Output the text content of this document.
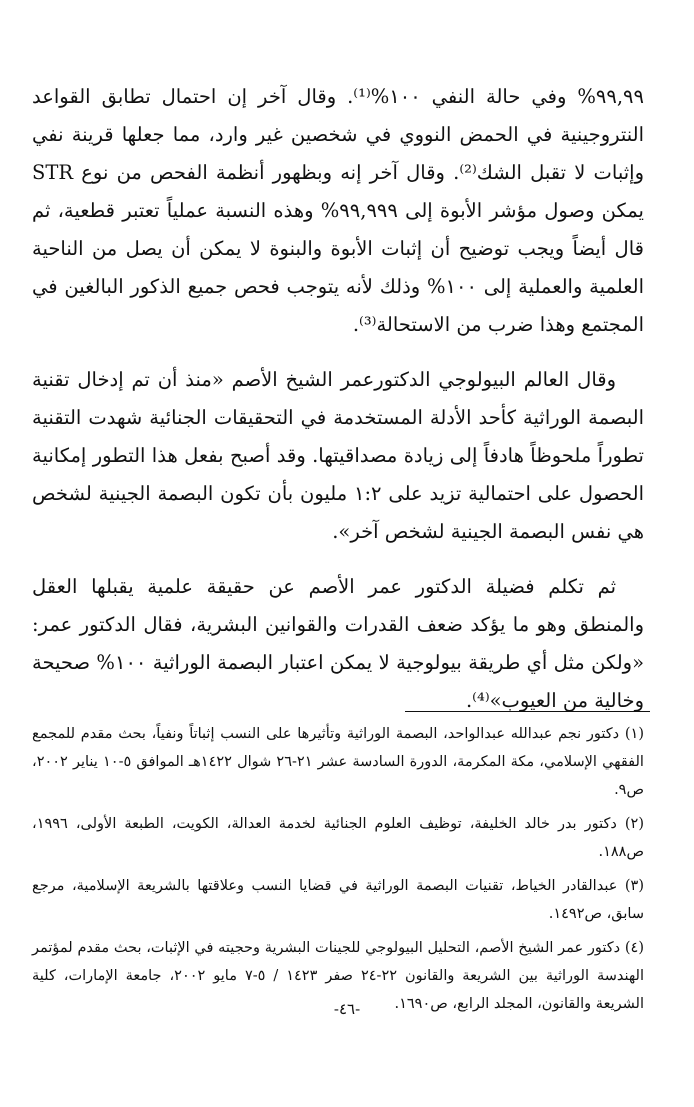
٩٩,٩٩% وفي حالة النفي ١٠٠%⁽¹⁾. وقال آخر إن احتمال تطابق القواعد النتروجينية في الحمض النووي في شخصين غير وارد، مما جعلها قرينة نفي وإثبات لا تقبل الشك⁽²⁾. وقال آخر إنه وبظهور أنظمة الفحص من نوع STR يمكن وصول مؤشر الأبوة إلى ٩٩,٩٩٩% وهذه النسبة عملياً تعتبر قطعية، ثم قال أيضاً ويجب توضيح أن إثبات الأبوة والبنوة لا يمكن أن يصل من الناحية العلمية والعملية إلى ١٠٠% وذلك لأنه يتوجب فحص جميع الذكور البالغين في المجتمع وهذا ضرب من الاستحالة⁽³⁾.

وقال العالم البيولوجي الدكتورعمر الشيخ الأصم «منذ أن تم إدخال تقنية البصمة الوراثية كأحد الأدلة المستخدمة في التحقيقات الجنائية شهدت التقنية تطوراً ملحوظاً هادفاً إلى زيادة مصداقيتها. وقد أصبح بفعل هذا التطور إمكانية الحصول على احتمالية تزيد على ١:٢ مليون بأن تكون البصمة الجينية لشخص هي نفس البصمة الجينية لشخص آخر».

ثم تكلم فضيلة الدكتور عمر الأصم عن حقيقة علمية يقبلها العقل والمنطق وهو ما يؤكد ضعف القدرات والقوانين البشرية، فقال الدكتور عمر: «ولكن مثل أي طريقة بيولوجية لا يمكن اعتبار البصمة الوراثية ١٠٠% صحيحة وخالية من العيوب»⁽⁴⁾.

(١) دكتور نجم عبدالله عبدالواحد، البصمة الوراثية وتأثيرها على النسب إثباتاً ونفياً، بحث مقدم للمجمع الفقهي الإسلامي، مكة المكرمة، الدورة السادسة عشر ٢١-٢٦ شوال ١٤٢٢هـ الموافق ٥-١٠ يناير ٢٠٠٢، ص٩.

(٢) دكتور بدر خالد الخليفة، توظيف العلوم الجنائية لخدمة العدالة، الكويت، الطبعة الأولى، ١٩٩٦، ص١٨٨.

(٣) عبدالقادر الخياط، تقنيات البصمة الوراثية في قضايا النسب وعلاقتها بالشريعة الإسلامية، مرجع سابق، ص١٤٩٢.

(٤) دكتور عمر الشيخ الأصم، التحليل البيولوجي للجينات البشرية وحجيته في الإثبات، بحث مقدم لمؤتمر الهندسة الوراثية بين الشريعة والقانون ٢٢-٢٤ صفر ١٤٢٣ / ٥-٧ مايو ٢٠٠٢، جامعة الإمارات، كلية الشريعة والقانون، المجلد الرابع، ص١٦٩٠.

-٤٦-
